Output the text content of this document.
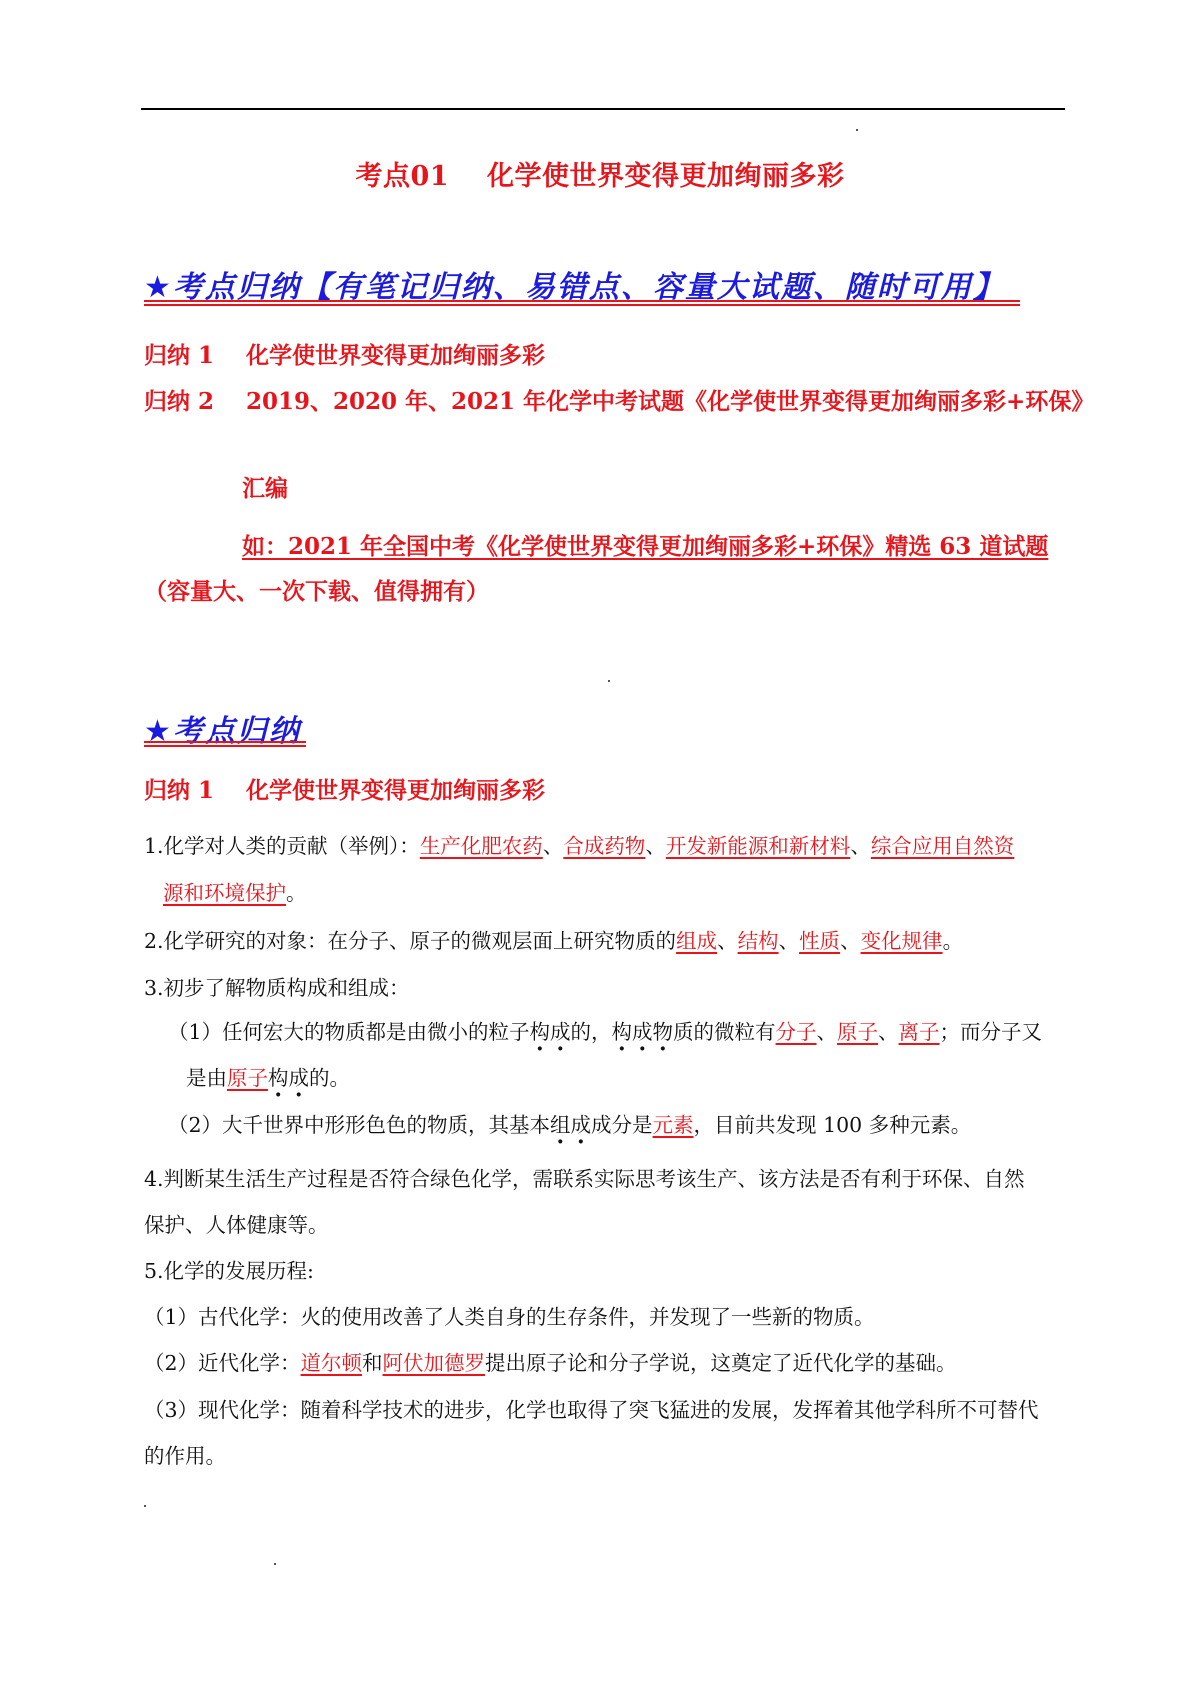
考点01 化学使世界变得更加绚丽多彩
★考点归纳【有笔记归纳、易错点、容量大试题、随时可用】
归纳 1 化学使世界变得更加绚丽多彩
归纳 2 2019、2020 年、2021 年化学中考试题《化学使世界变得更加绚丽多彩+环保》
汇编
如：2021 年全国中考《化学使世界变得更加绚丽多彩+环保》精选 63 道试题
（容量大、一次下载、值得拥有）
★考点归纳
归纳 1 化学使世界变得更加绚丽多彩
1.化学对人类的贡献（举例）：生产化肥农药、合成药物、开发新能源和新材料、综合应用自然资
源和环境保护。
2.化学研究的对象：在分子、原子的微观层面上研究物质的组成、结构、性质、变化规律。
3.初步了解物质构成和组成：
（1）任何宏大的物质都是由微小的粒子构成的，构成物质的微粒有分子、原子、离子；而分子又
是由原子构成的。
（2）大千世界中形形色色的物质，其基本组成成分是元素，目前共发现 100 多种元素。
4.判断某生活生产过程是否符合绿色化学，需联系实际思考该生产、该方法是否有利于环保、自然
保护、人体健康等。
5.化学的发展历程:
（1）古代化学：火的使用改善了人类自身的生存条件，并发现了一些新的物质。
（2）近代化学：道尔顿和阿伏加德罗提出原子论和分子学说，这奠定了近代化学的基础。
（3）现代化学：随着科学技术的进步，化学也取得了突飞猛进的发展，发挥着其他学科所不可替代
的作用。
